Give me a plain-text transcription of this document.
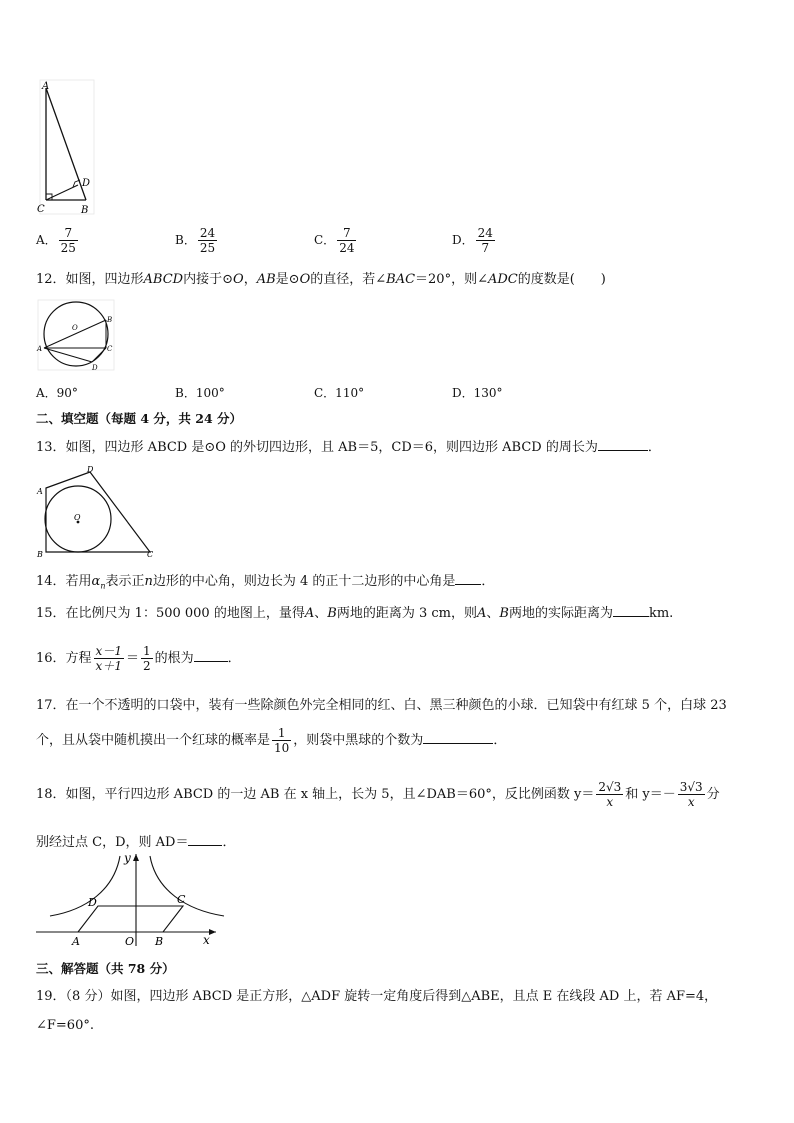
A
D
C	B
A． $\frac{7}{25}$	B． $\frac{24}{25}$	C． $\frac{7}{24}$	D． $\frac{24}{7}$
12．如图，四边形ABCD内接于⊙O，AB是⊙O的直径，若∠BAC＝20°，则∠ADC的度数是(　　)
O
B
A	C
D
A．90°	B．100°	C．110°	D．130°
二、填空题（每题 4 分，共 24 分）
13．如图，四边形 ABCD 是⊙O 的外切四边形，且 AB＝5，CD＝6，则四边形 ABCD 的周长为	．
A
D
B	C
O
14．若用$\alpha_n$表示正n边形的中心角，则边长为 4 的正十二边形的中心角是 ．
15．在比例尺为 1：500 000 的地图上，量得A、B两地的距离为 3 cm，则A、B两地的实际距离为	km.
16．方程 $\frac{x-1}{x+1} = \frac{1}{2}$ 的根为	．
17．在一个不透明的口袋中，装有一些除颜色外完全相同的红、白、黑三种颜色的小球．已知袋中有红球 5 个，白球 23
个，且从袋中随机摸出一个红球的概率是 $\frac{1}{10}$ ，则袋中黑球的个数为	．
18．如图，平行四边形 ABCD 的一边 AB 在 x 轴上，长为 5，且∠DAB＝60°，反比例函数 $y= \frac{2√3}{x}$ 和 $y=- \frac{3√3}{x}$ 分
别经过点 C，D，则 AD＝	．
y
x
A	O B
C
D
三、解答题（共 78 分）
19．（8 分）如图，四边形 ABCD 是正方形，△ADF 旋转一定角度后得到△ABE，且点 E 在线段 AD 上，若 AF=4，
∠F=60°.
